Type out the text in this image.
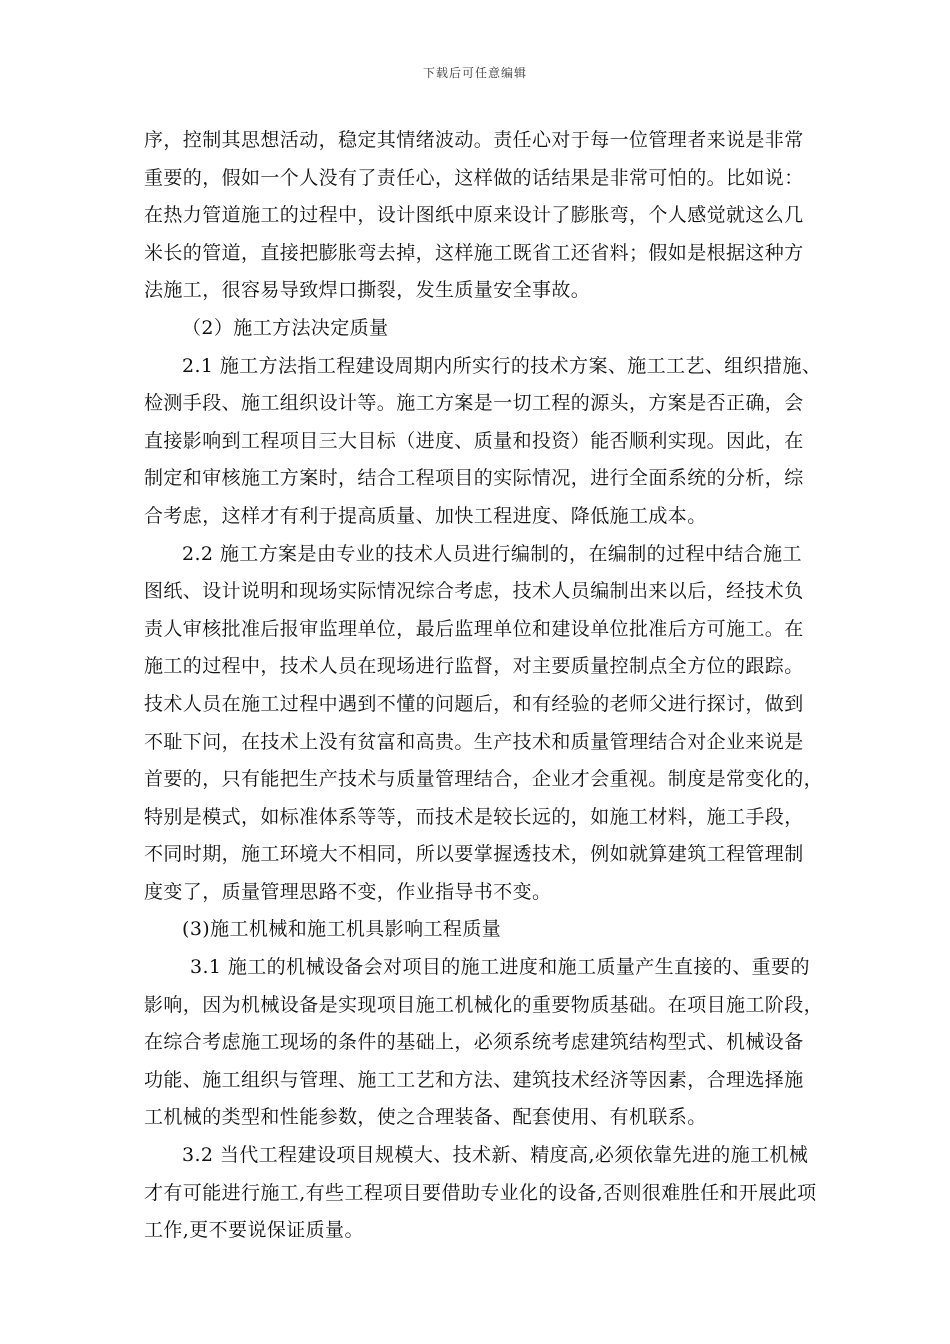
下载后可任意编辑
序，控制其思想活动，稳定其情绪波动。责任心对于每一位管理者来说是非常
重要的，假如一个人没有了责任心，这样做的话结果是非常可怕的。比如说：
在热力管道施工的过程中，设计图纸中原来设计了膨胀弯，个人感觉就这么几
米长的管道，直接把膨胀弯去掉，这样施工既省工还省料；假如是根据这种方
法施工，很容易导致焊口撕裂，发生质量安全事故。
（2）施工方法决定质量
2.1 施工方法指工程建设周期内所实行的技术方案、施工工艺、组织措施、
检测手段、施工组织设计等。施工方案是一切工程的源头，方案是否正确，会
直接影响到工程项目三大目标（进度、质量和投资）能否顺利实现。因此，在
制定和审核施工方案时，结合工程项目的实际情况，进行全面系统的分析，综
合考虑，这样才有利于提高质量、加快工程进度、降低施工成本。
2.2 施工方案是由专业的技术人员进行编制的，在编制的过程中结合施工
图纸、设计说明和现场实际情况综合考虑，技术人员编制出来以后，经技术负
责人审核批准后报审监理单位，最后监理单位和建设单位批准后方可施工。在
施工的过程中，技术人员在现场进行监督，对主要质量控制点全方位的跟踪。
技术人员在施工过程中遇到不懂的问题后，和有经验的老师父进行探讨，做到
不耻下问，在技术上没有贫富和高贵。生产技术和质量管理结合对企业来说是
首要的，只有能把生产技术与质量管理结合，企业才会重视。制度是常变化的，
特别是模式，如标准体系等等，而技术是较长远的，如施工材料，施工手段，
不同时期，施工环境大不相同，所以要掌握透技术，例如就算建筑工程管理制
度变了，质量管理思路不变，作业指导书不变。
(3)施工机械和施工机具影响工程质量
3.1 施工的机械设备会对项目的施工进度和施工质量产生直接的、重要的
影响，因为机械设备是实现项目施工机械化的重要物质基础。在项目施工阶段，
在综合考虑施工现场的条件的基础上，必须系统考虑建筑结构型式、机械设备
功能、施工组织与管理、施工工艺和方法、建筑技术经济等因素，合理选择施
工机械的类型和性能参数，使之合理装备、配套使用、有机联系。
3.2 当代工程建设项目规模大、技术新、精度高,必须依靠先进的施工机械
才有可能进行施工,有些工程项目要借助专业化的设备,否则很难胜任和开展此项
工作,更不要说保证质量。
